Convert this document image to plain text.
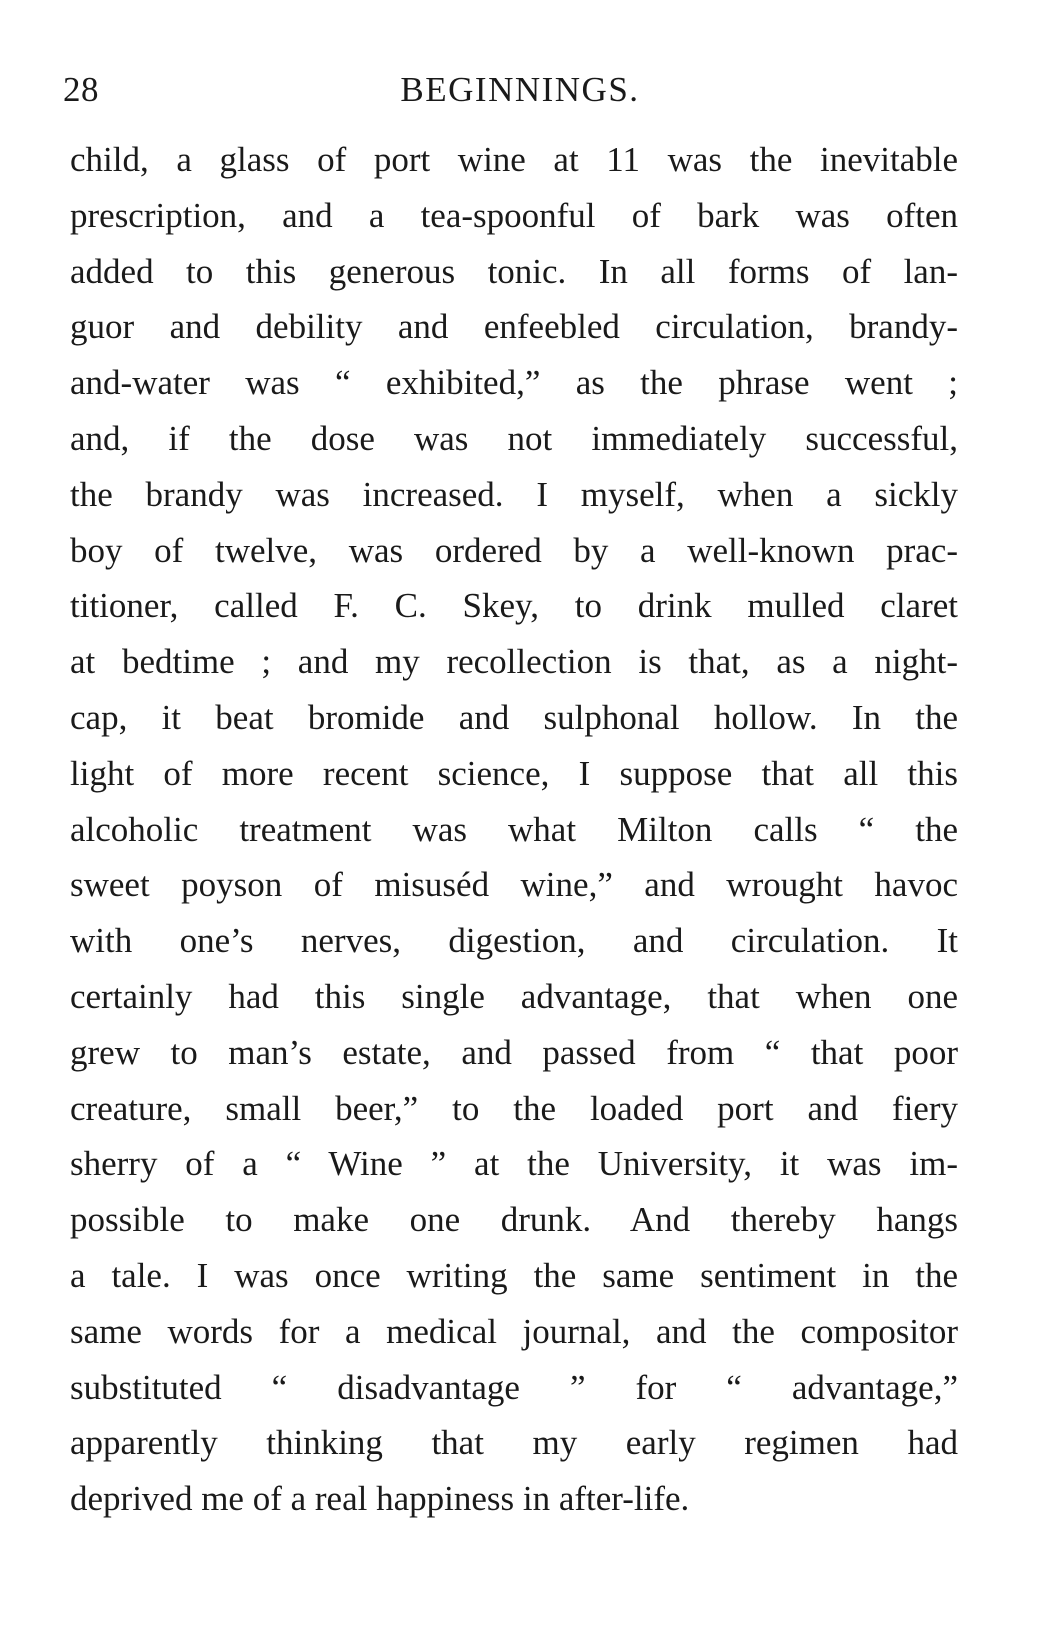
28	BEGINNINGS.
child, a glass of port wine at 11 was the inevitable
prescription, and a tea-spoonful of bark was often
added to this generous tonic. In all forms of lan-
guor and debility and enfeebled circulation, brandy-
and-water was “ exhibited,” as the phrase went ;
and, if the dose was not immediately successful,
the brandy was increased. I myself, when a sickly
boy of twelve, was ordered by a well-known prac-
titioner, called F. C. Skey, to drink mulled claret
at bedtime ; and my recollection is that, as a night-
cap, it beat bromide and sulphonal hollow. In the
light of more recent science, I suppose that all this
alcoholic treatment was what Milton calls “ the
sweet poyson of misuséd wine,” and wrought havoc
with one’s nerves, digestion, and circulation. It
certainly had this single advantage, that when one
grew to man’s estate, and passed from “ that poor
creature, small beer,” to the loaded port and fiery
sherry of a “ Wine ” at the University, it was im-
possible to make one drunk. And thereby hangs
a tale. I was once writing the same sentiment in the
same words for a medical journal, and the compositor
substituted “ disadvantage ” for “ advantage,”
apparently thinking that my early regimen had
deprived me of a real happiness in after-life.
